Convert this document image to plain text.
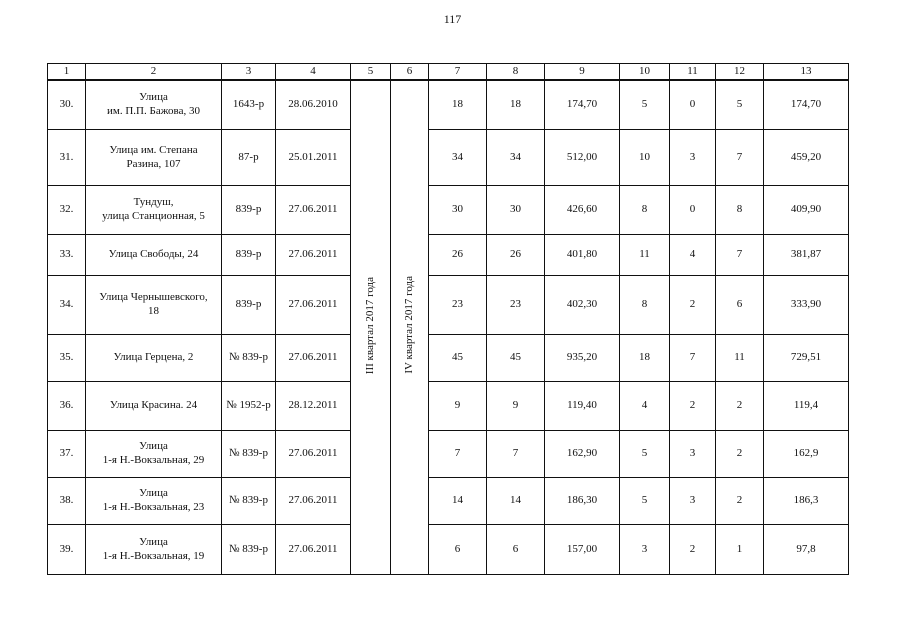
117
1	2	3	4	5	6	7	8	9	10	11	12	13
30.	Улица
им. П.П. Бажова, 30	1643-р	28.06.2010	III квартал 2017 года	IV квартал 2017 года	18	18	174,70	5	0	5	174,70
31.	Улица им. Степана
Разина, 107	87-р	25.01.2011			34	34	512,00	10	3	7	459,20
32.	Тундуш,
улица Станционная, 5	839-р	27.06.2011			30	30	426,60	8	0	8	409,90
33.	Улица Свободы, 24	839-р	27.06.2011			26	26	401,80	11	4	7	381,87
34.	Улица Чернышевского,
18	839-р	27.06.2011			23	23	402,30	8	2	6	333,90
35.	Улица Герцена, 2	№ 839-р	27.06.2011			45	45	935,20	18	7	11	729,51
36.	Улица Красина. 24	№ 1952-р	28.12.2011			9	9	119,40	4	2	2	119,4
37.	Улица
1-я Н.-Вокзальная, 29	№ 839-р	27.06.2011			7	7	162,90	5	3	2	162,9
38.	Улица
1-я Н.-Вокзальная, 23	№ 839-р	27.06.2011			14	14	186,30	5	3	2	186,3
39.	Улица
1-я Н.-Вокзальная, 19	№ 839-р	27.06.2011			6	6	157,00	3	2	1	97,8
